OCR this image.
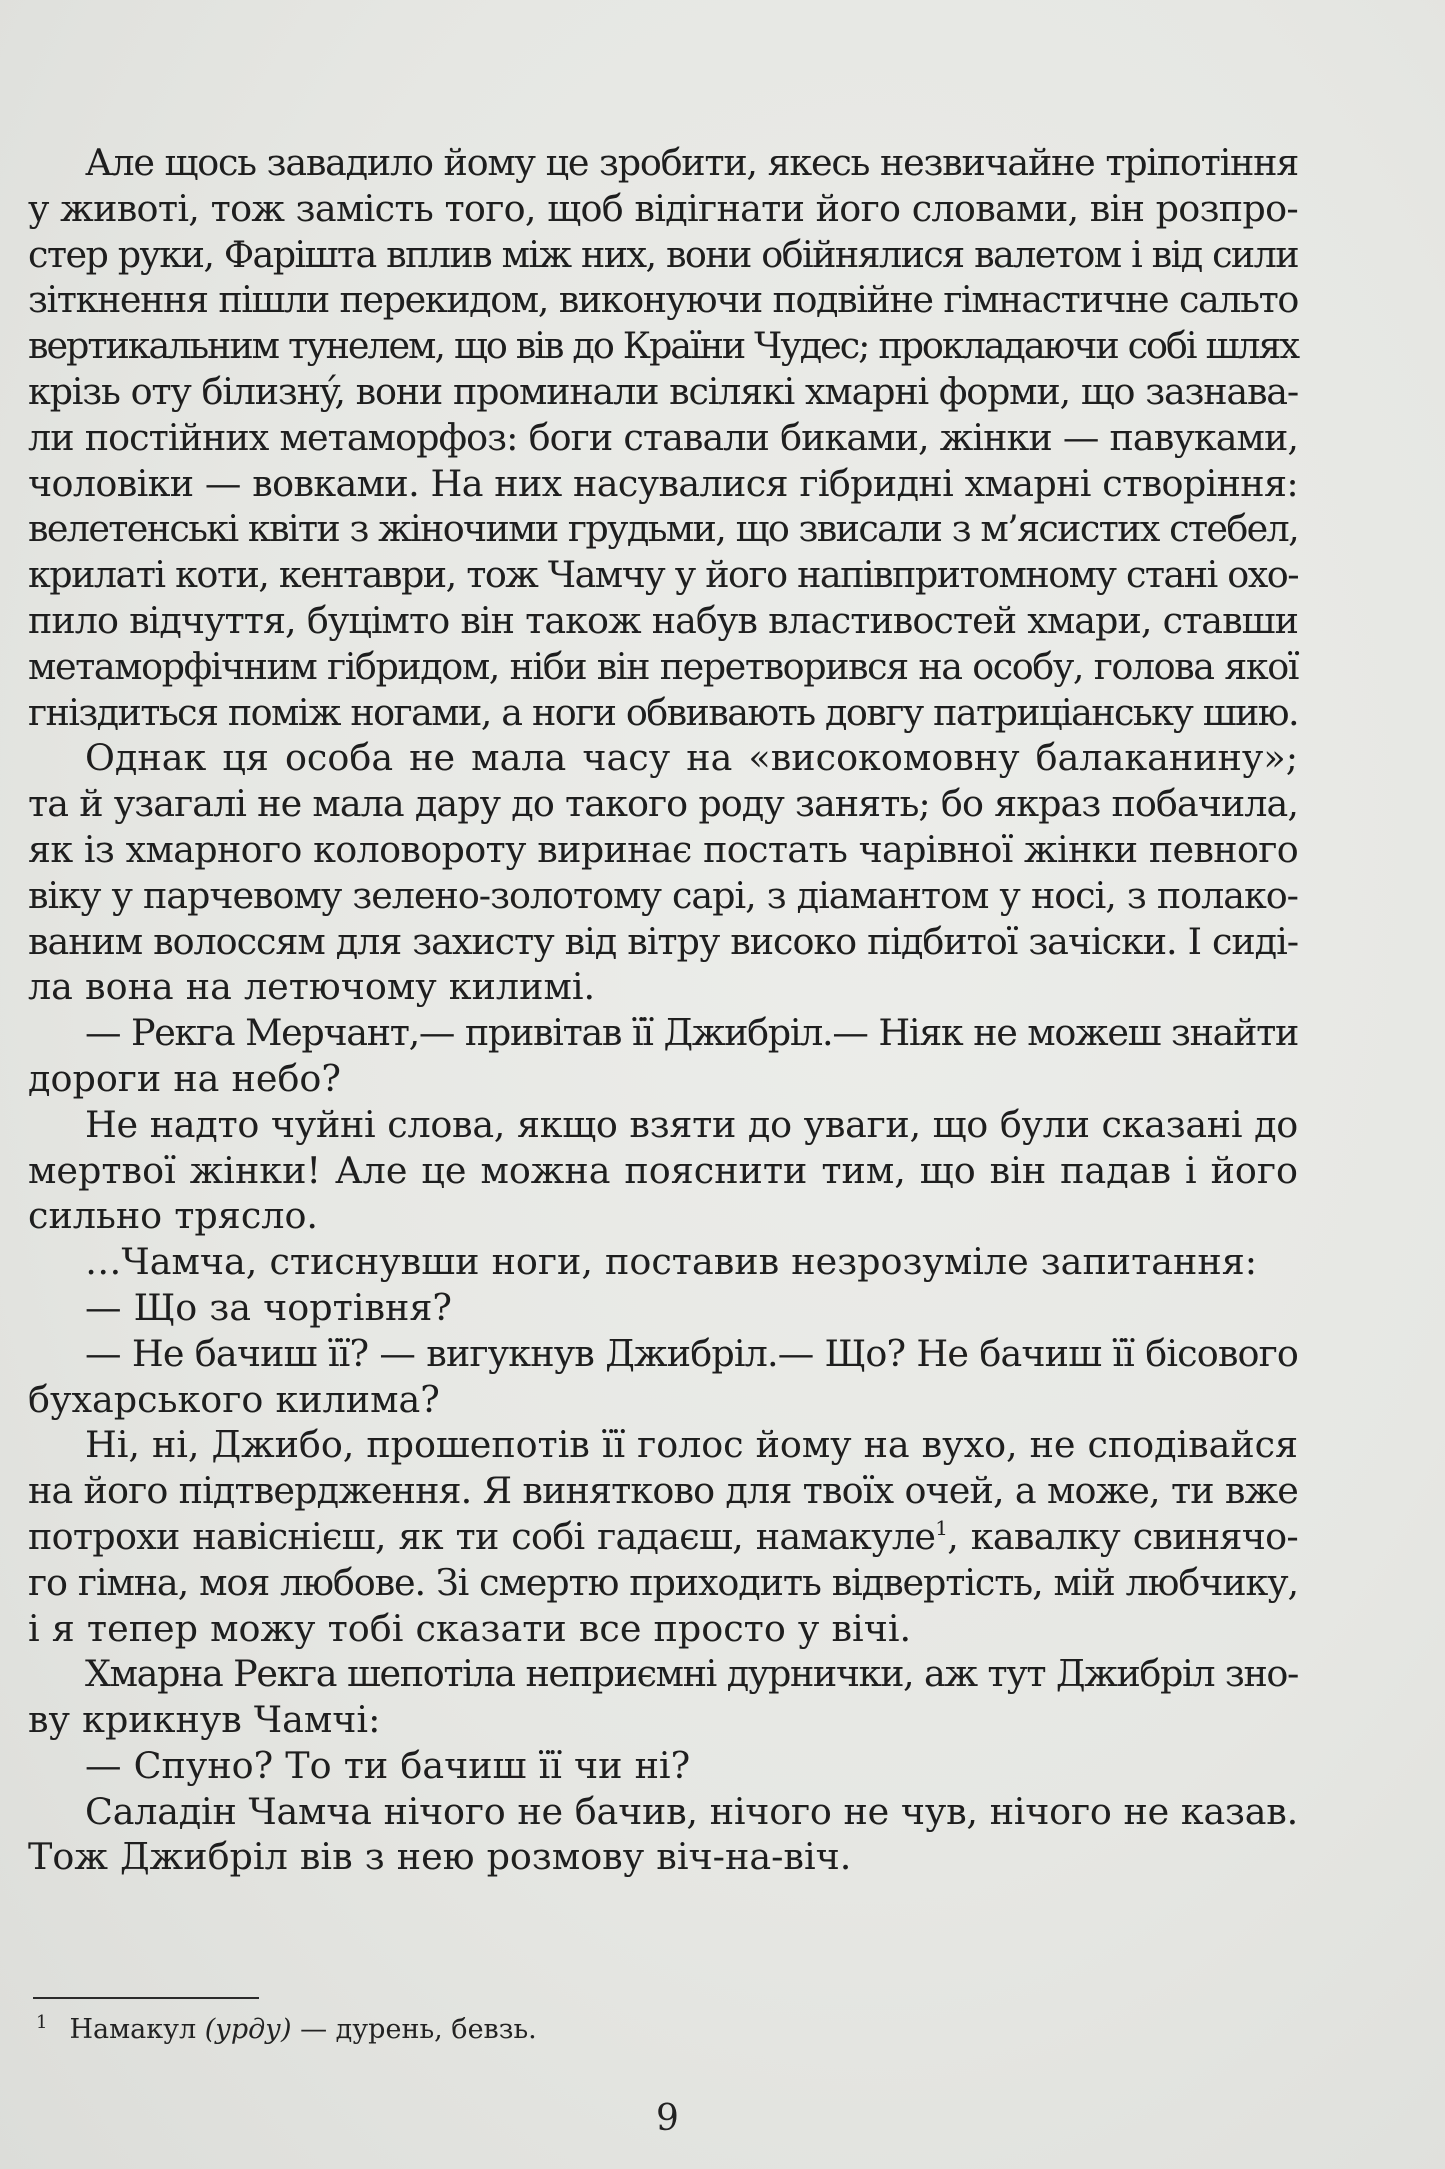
Але щось завадило йому це зробити, якесь незвичайне тріпотіння
у животі, тож замість того, щоб відігнати його словами, він розпро-
стер руки, Фарішта вплив між них, вони обійнялися валетом і від сили
зіткнення пішли перекидом, виконуючи подвійне гімнастичне сальто
вертикальним тунелем, що вів до Країни Чудес; прокладаючи собі шлях
крізь оту білизнý, вони проминали всілякі хмарні форми, що зазнава-
ли постійних метаморфоз: боги ставали биками, жінки — павуками,
чоловіки — вовками. На них насувалися гібридні хмарні створіння:
велетенські квіти з жіночими грудьми, що звисали з м’ясистих стебел,
крилаті коти, кентаври, тож Чамчу у його напівпритомному стані охо-
пило відчуття, буцімто він також набув властивостей хмари, ставши
метаморфічним гібридом, ніби він перетворився на особу, голова якої
гніздиться поміж ногами, а ноги обвивають довгу патриціанську шию.

Однак ця особа не мала часу на «високомовну балаканину»;
та й узагалі не мала дару до такого роду занять; бо якраз побачила,
як із хмарного коловороту виринає постать чарівної жінки певного
віку у парчевому зелено-золотому сарі, з діамантом у носі, з полако-
ваним волоссям для захисту від вітру високо підбитої зачіски. І сиді-
ла вона на летючому килимі.

— Рекга Мерчант,— привітав її Джибріл.— Ніяк не можеш знайти
дороги на небо?

Не надто чуйні слова, якщо взяти до уваги, що були сказані до
мертвої жінки! Але це можна пояснити тим, що він падав і його
сильно трясло.

…Чамча, стиснувши ноги, поставив незрозуміле запитання:

— Що за чортівня?

— Не бачиш її? — вигукнув Джибріл.— Що? Не бачиш її бісового
бухарського килима?

Ні, ні, Джибо, прошепотів її голос йому на вухо, не сподівайся
на його підтвердження. Я винятково для твоїх очей, а може, ти вже
потрохи навіснієш, як ти собі гадаєш, намакуле$^1$, кавалку свинячо-
го гімна, моя любове. Зі смертю приходить відвертість, мій любчику,
і я тепер можу тобі сказати все просто у вічі.

Хмарна Рекга шепотіла неприємні дурнички, аж тут Джибріл зно-
ву крикнув Чамчі:

— Спуно? То ти бачиш її чи ні?

Саладін Чамча нічого не бачив, нічого не чув, нічого не казав.
Тож Джибріл вів з нею розмову віч-на-віч.

$^1$ Намакул (урду) — дурень, бевзь.
9
